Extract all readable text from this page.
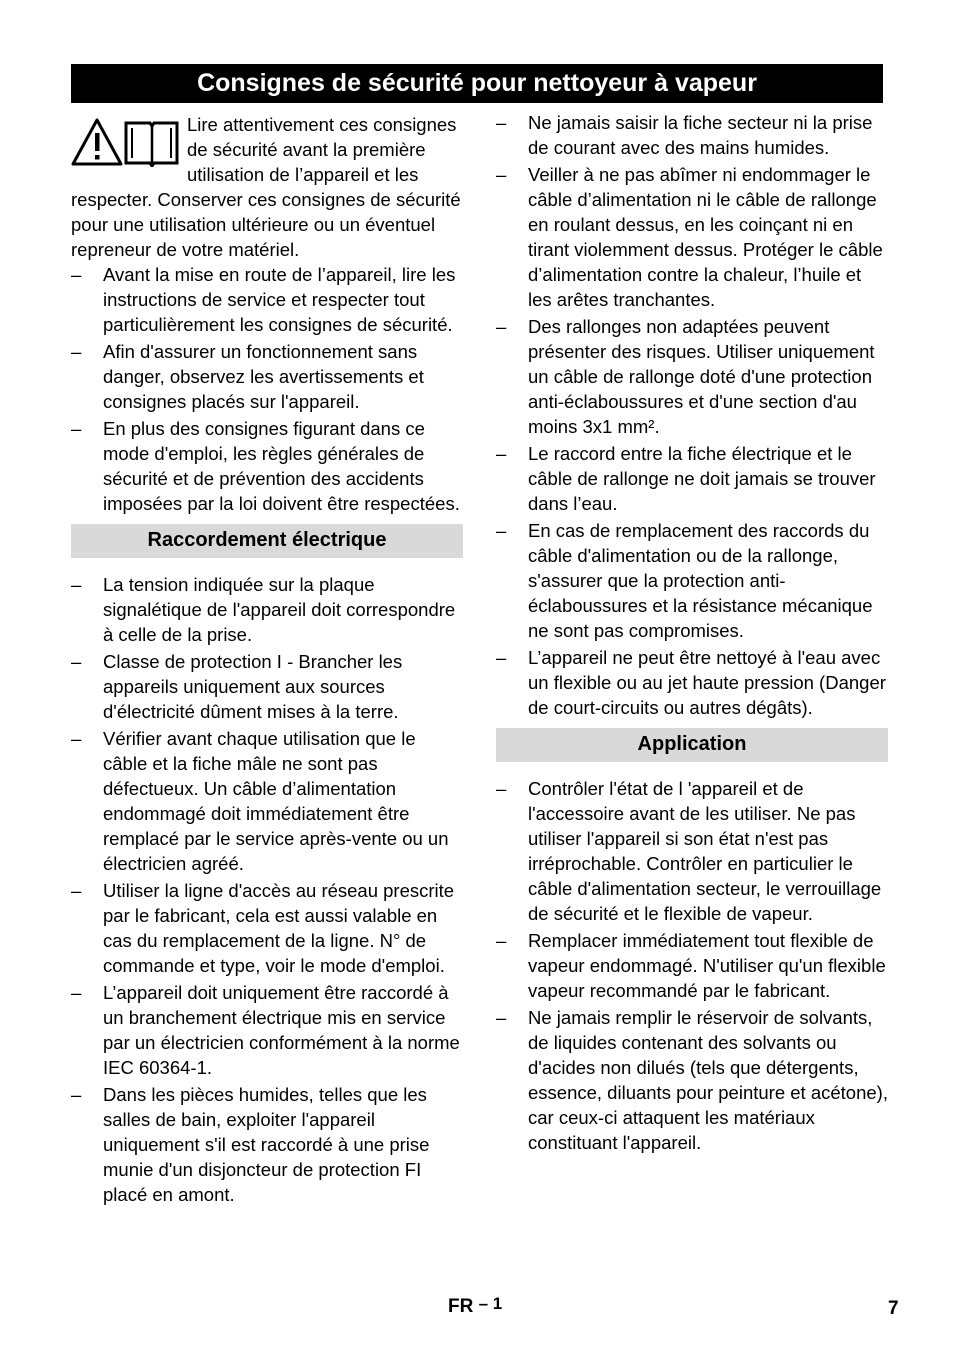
Consignes de sécurité pour nettoyeur à vapeur

Lire attentivement ces consignes de sécurité avant la première utilisation de l’appareil et les respecter. Conserver ces consignes de sécurité pour une utilisation ultérieure ou un éventuel repreneur de votre matériel.

–	Avant la mise en route de l’appareil, lire les instructions de service et respecter tout particulièrement les consignes de sécurité.
–	Afin d'assurer un fonctionnement sans danger, observez les avertissements et consignes placés sur l'appareil.
–	En plus des consignes figurant dans ce mode d'emploi, les règles générales de sécurité et de prévention des accidents imposées par la loi doivent être respectées.
Raccordement électrique
–	La tension indiquée sur la plaque signalétique de l'appareil doit correspondre à celle de la prise.
–	Classe de protection I - Brancher les appareils uniquement aux sources d'électricité dûment mises à la terre.
–	Vérifier avant chaque utilisation que le câble et la fiche mâle ne sont pas défectueux. Un câble d’alimentation endommagé doit immédiatement être remplacé par le service après-vente ou un électricien agréé.
–	Utiliser la ligne d'accès au réseau prescrite par le fabricant, cela est aussi valable en cas du remplacement de la ligne. N° de commande et type, voir le mode d'emploi.
–	L’appareil doit uniquement être raccordé à un branchement électrique mis en service par un électricien conformément à la norme IEC 60364-1.
–	Dans les pièces humides, telles que les salles de bain, exploiter l'appareil uniquement s'il est raccordé à une prise munie d'un disjoncteur de protection FI placé en amont.
–	Ne jamais saisir la fiche secteur ni la prise de courant avec des mains humides.
–	Veiller à ne pas abîmer ni endommager le câble d’alimentation ni le câble de rallonge en roulant dessus, en les coinçant ni en tirant violemment dessus. Protéger le câble d’alimentation contre la chaleur, l’huile et les arêtes tranchantes.
–	Des rallonges non adaptées peuvent présenter des risques. Utiliser uniquement un câble de rallonge doté d'une protection anti-éclaboussures et d'une section d'au moins 3x1 mm².
–	Le raccord entre la fiche électrique et le câble de rallonge ne doit jamais se trouver dans l’eau.
–	En cas de remplacement des raccords du câble d'alimentation ou de la rallonge, s'assurer que la protection anti-éclaboussures et la résistance mécanique ne sont pas compromises.
–	L’appareil ne peut être nettoyé à l'eau avec un flexible ou au jet haute pression (Danger de court-circuits ou autres dégâts).
Application
–	Contrôler l'état de l 'appareil et de l'accessoire avant de les utiliser. Ne pas utiliser l'appareil si son état n'est pas irréprochable. Contrôler en particulier le câble d'alimentation secteur, le verrouillage de sécurité et le flexible de vapeur.
–	Remplacer immédiatement tout flexible de vapeur endommagé. N'utiliser qu'un flexible vapeur recommandé par le fabricant.
–	Ne jamais remplir le réservoir de solvants, de liquides contenant des solvants ou d'acides non dilués (tels que détergents, essence, diluants pour peinture et acétone), car ceux-ci attaquent les matériaux constituant l'appareil.
FR – 1	7
